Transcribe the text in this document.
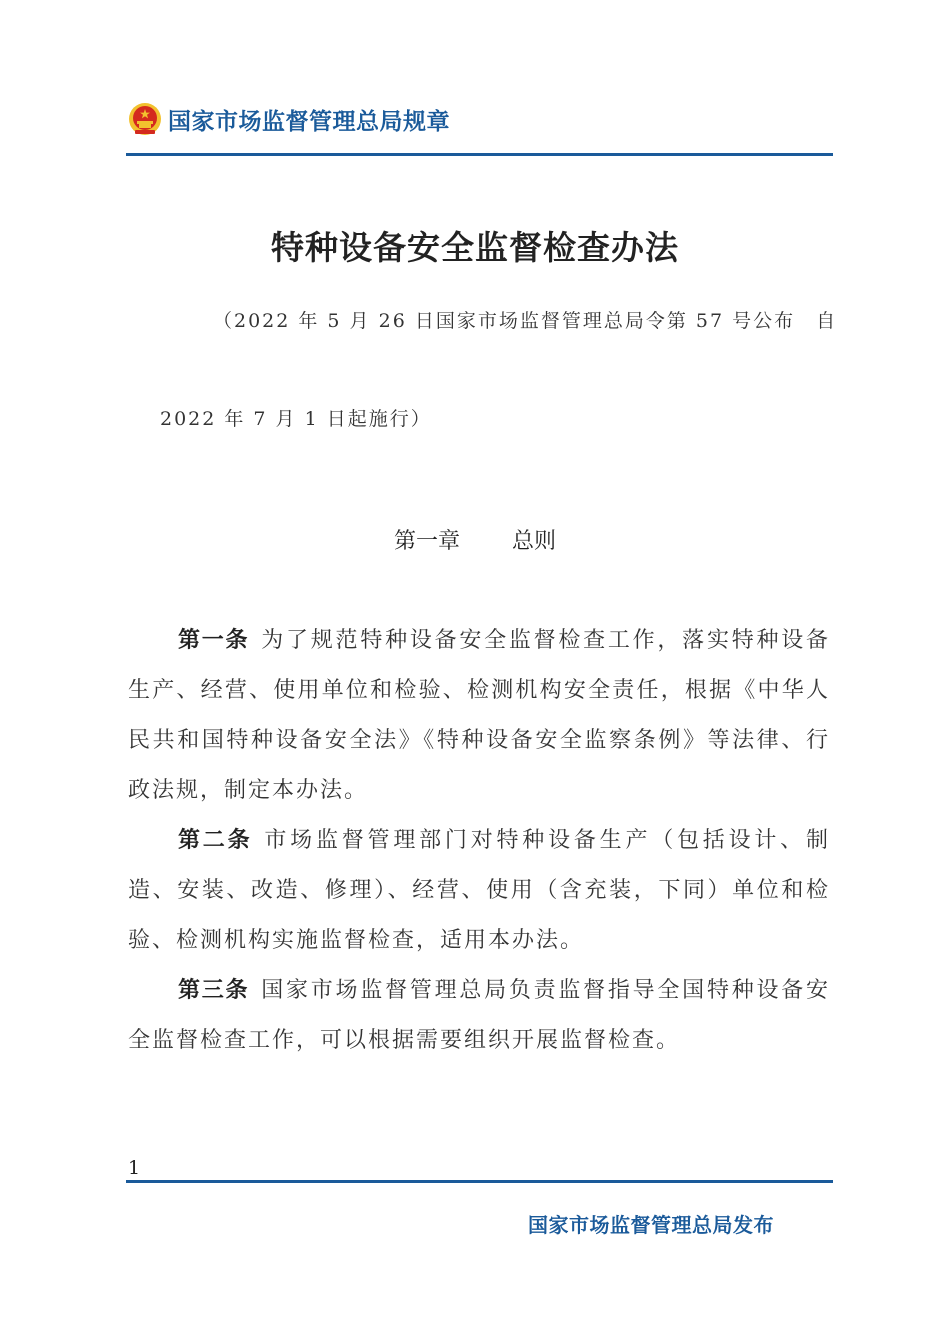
国家市场监督管理总局规章
特种设备安全监督检查办法
（2022 年 5 月 26 日国家市场监督管理总局令第 57 号公布　自
2022 年 7 月 1 日起施行）
第一章 总则

第一条 为了规范特种设备安全监督检查工作，落实特种设备生产、经营、使用单位和检验、检测机构安全责任，根据《中华人民共和国特种设备安全法》《特种设备安全监察条例》等法律、行政法规，制定本办法。

第二条 市场监督管理部门对特种设备生产（包括设计、制造、安装、改造、修理）、经营、使用（含充装，下同）单位和检验、检测机构实施监督检查，适用本办法。

第三条 国家市场监督管理总局负责监督指导全国特种设备安全监督检查工作，可以根据需要组织开展监督检查。

1
国家市场监督管理总局发布
